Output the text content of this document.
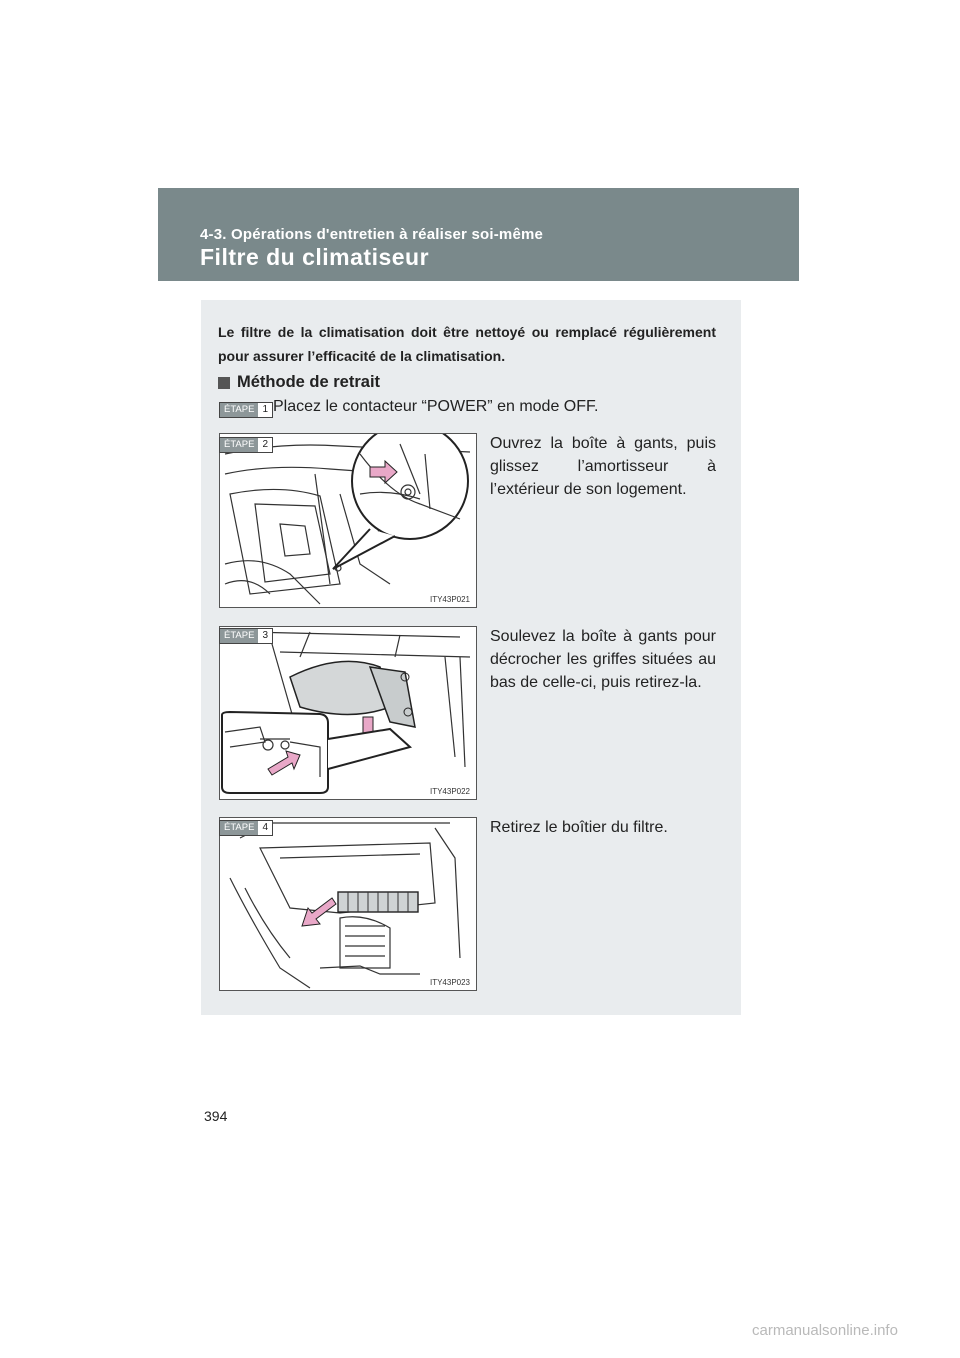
4-3. Opérations d'entretien à réaliser soi-même
Filtre du climatiseur
Le filtre de la climatisation doit être nettoyé ou remplacé régulièrement pour assurer l’efficacité de la climatisation.
Méthode de retrait
ÉTAPE 1 Placez le contacteur “POWER” en mode OFF.
ITY43P021
ÉTAPE 2	Ouvrez la boîte à gants, puis glissez l’amortisseur à l’extérieur de son logement.
ITY43P022
ÉTAPE 3	Soulevez la boîte à gants pour décrocher les griffes situées au bas de celle-ci, puis retirez-la.
ITY43P023
ÉTAPE 4	Retirez le boîtier du filtre.
394
carmanualsonline.info
